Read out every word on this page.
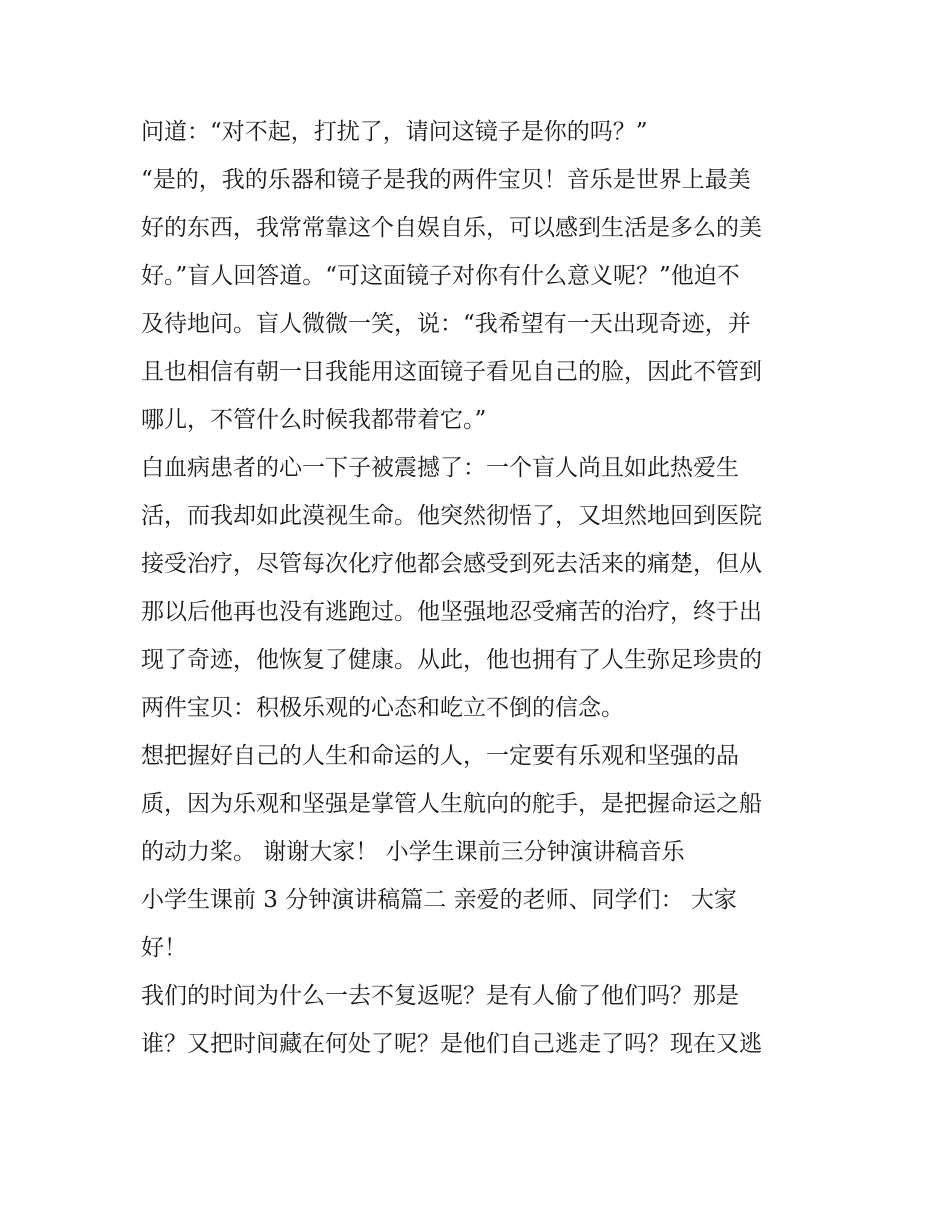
问道：“对不起，打扰了，请问这镜子是你的吗？”
“是的，我的乐器和镜子是我的两件宝贝！音乐是世界上最美
好的东西，我常常靠这个自娱自乐，可以感到生活是多么的美
好。”盲人回答道。“可这面镜子对你有什么意义呢？”他迫不
及待地问。盲人微微一笑，说：“我希望有一天出现奇迹，并
且也相信有朝一日我能用这面镜子看见自己的脸，因此不管到
哪儿，不管什么时候我都带着它。”
白血病患者的心一下子被震撼了：一个盲人尚且如此热爱生
活，而我却如此漠视生命。他突然彻悟了，又坦然地回到医院
接受治疗，尽管每次化疗他都会感受到死去活来的痛楚，但从
那以后他再也没有逃跑过。他坚强地忍受痛苦的治疗，终于出
现了奇迹，他恢复了健康。从此，他也拥有了人生弥足珍贵的
两件宝贝：积极乐观的心态和屹立不倒的信念。
想把握好自己的人生和命运的人，一定要有乐观和坚强的品
质，因为乐观和坚强是掌管人生航向的舵手，是把握命运之船
的动力桨。 谢谢大家！ 小学生课前三分钟演讲稿音乐
小学生课前 3 分钟演讲稿篇二 亲爱的老师、同学们： 大家
好！
我们的时间为什么一去不复返呢？是有人偷了他们吗？那是
谁？又把时间藏在何处了呢？是他们自己逃走了吗？现在又逃
